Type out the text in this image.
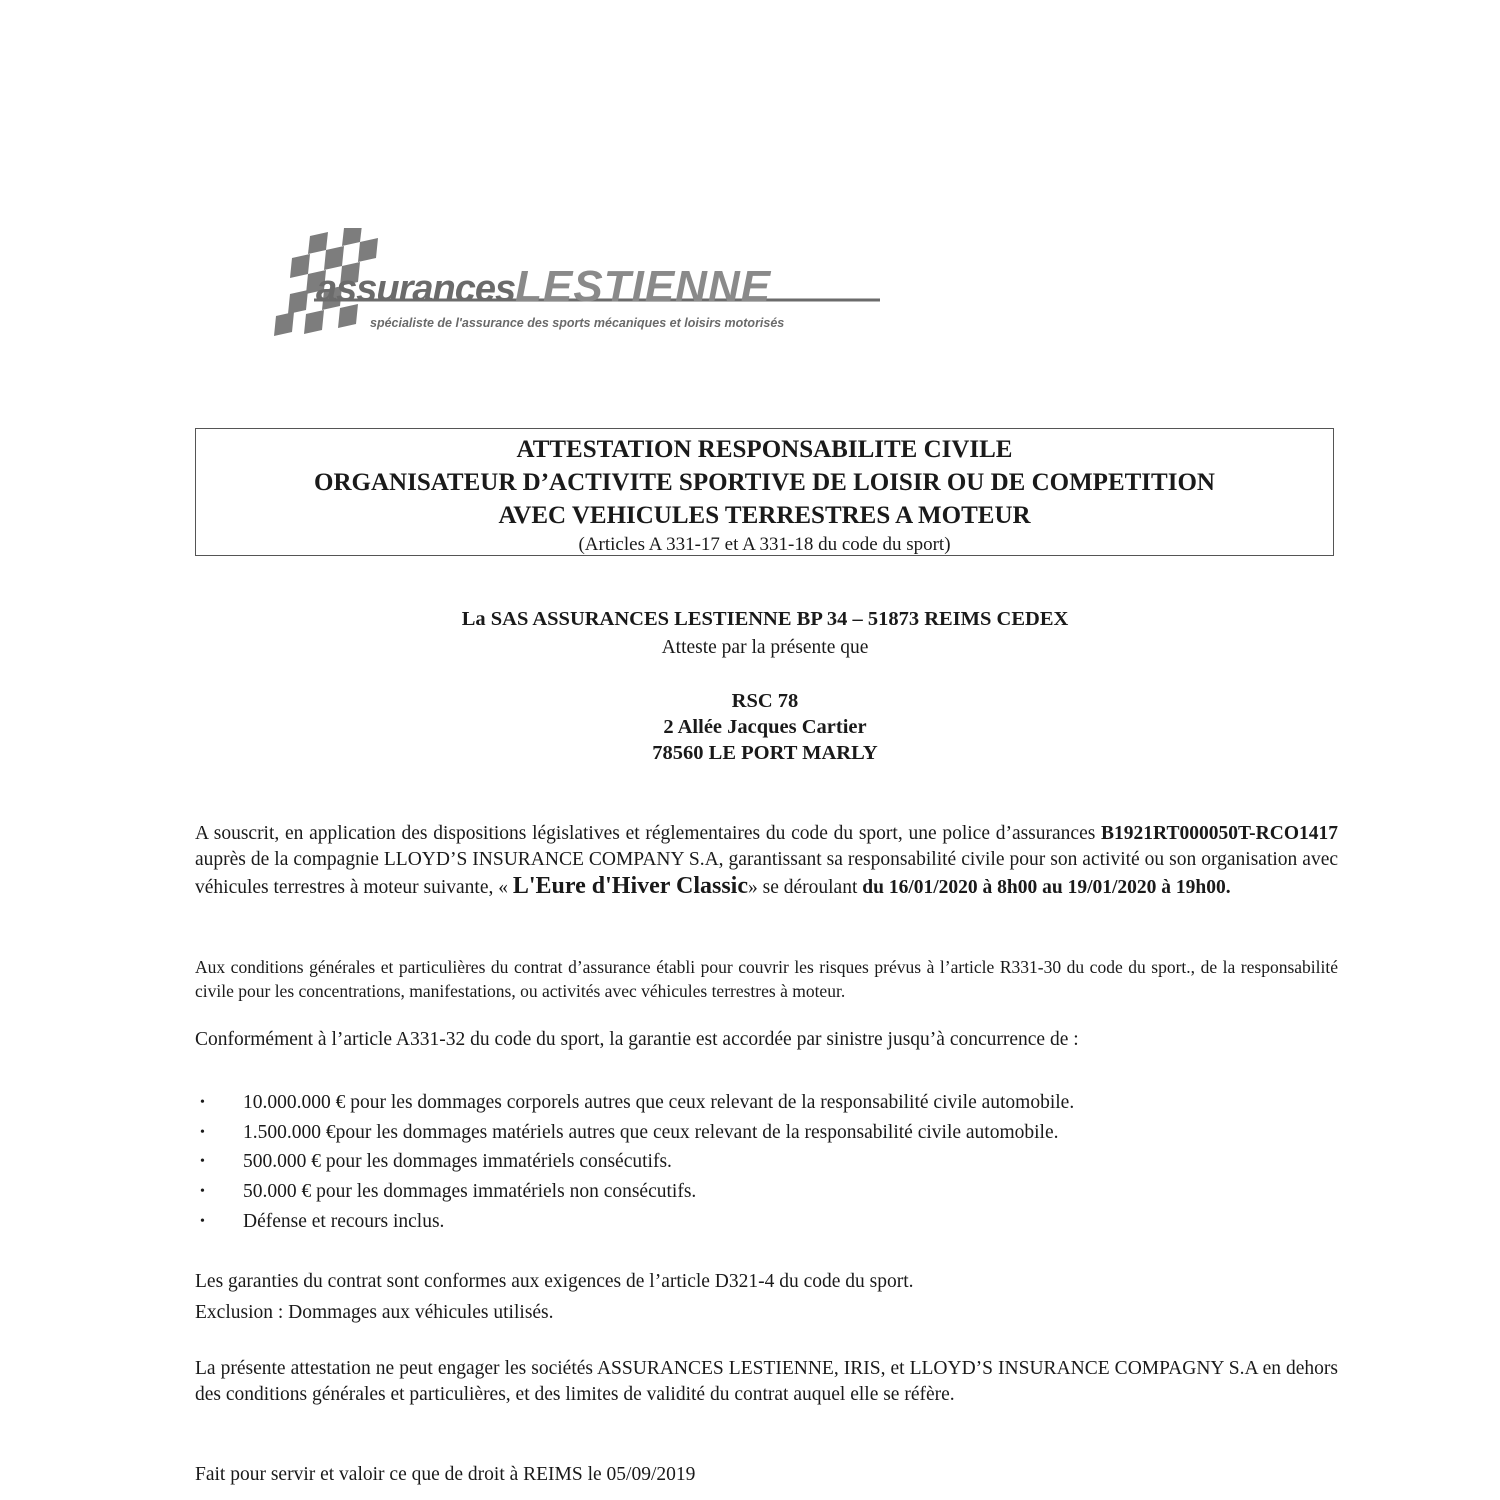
assurancesLESTIENNE
spécialiste de l'assurance des sports mécaniques et loisirs motorisés
ATTESTATION RESPONSABILITE CIVILE
ORGANISATEUR D’ACTIVITE SPORTIVE DE LOISIR OU DE COMPETITION
AVEC VEHICULES TERRESTRES A MOTEUR
(Articles A 331-17 et A 331-18 du code du sport)
La SAS ASSURANCES LESTIENNE BP 34 – 51873 REIMS CEDEX
Atteste par la présente que
RSC 78
2 Allée Jacques Cartier
78560 LE PORT MARLY
A souscrit, en application des dispositions législatives et réglementaires du code du sport, une police d’assurances B1921RT000050T-RCO1417 auprès de la compagnie LLOYD’S INSURANCE COMPANY S.A, garantissant sa responsabilité civile pour son activité ou son organisation avec véhicules terrestres à moteur suivante, « L'Eure d'Hiver Classic» se déroulant du 16/01/2020 à 8h00 au 19/01/2020 à 19h00.
Aux conditions générales et particulières du contrat d’assurance établi pour couvrir les risques prévus à l’article R331-30 du code du sport., de la responsabilité civile pour les concentrations, manifestations, ou activités avec véhicules terrestres à moteur.
Conformément à l’article A331-32 du code du sport, la garantie est accordée par sinistre jusqu’à concurrence de :
• 10.000.000 € pour les dommages corporels autres que ceux relevant de la responsabilité civile automobile.
• 1.500.000 €pour les dommages matériels autres que ceux relevant de la responsabilité civile automobile.
• 500.000 € pour les dommages immatériels consécutifs.
• 50.000 € pour les dommages immatériels non consécutifs.
• Défense et recours inclus.
Les garanties du contrat sont conformes aux exigences de l’article D321-4 du code du sport.
Exclusion : Dommages aux véhicules utilisés.
La présente attestation ne peut engager les sociétés ASSURANCES LESTIENNE, IRIS, et LLOYD’S INSURANCE COMPAGNY S.A en dehors des conditions générales et particulières, et des limites de validité du contrat auquel elle se réfère.
Fait pour servir et valoir ce que de droit à REIMS le 05/09/2019
